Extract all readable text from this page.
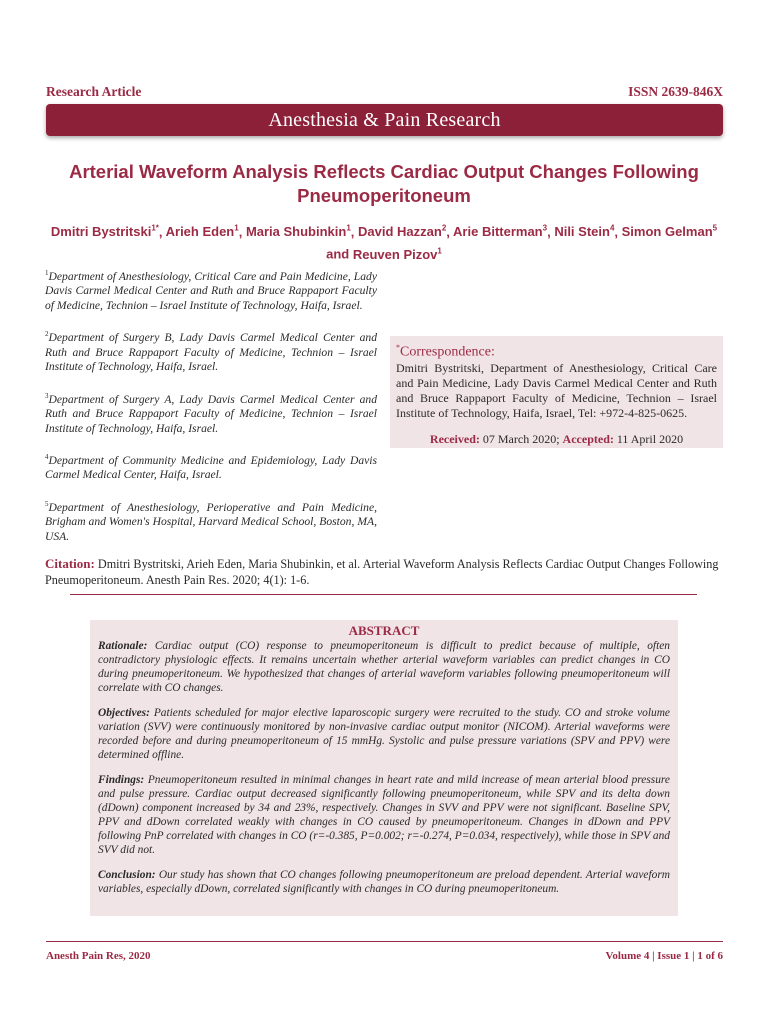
Research Article	ISSN 2639-846X
Anesthesia & Pain Research
Arterial Waveform Analysis Reflects Cardiac Output Changes Following
Pneumoperitoneum
Dmitri Bystritski$^{1*}$, Arieh Eden$^1$, Maria Shubinkin$^1$, David Hazzan$^2$, Arie Bitterman$^3$, Nili Stein$^4$, Simon Gelman$^5$ and Reuven Pizov$^1$

$^1$Department of Anesthesiology, Critical Care and Pain Medicine, Lady Davis Carmel Medical Center and Ruth and Bruce Rappaport Faculty of Medicine, Technion – Israel Institute of Technology, Haifa, Israel.

$^2$Department of Surgery B, Lady Davis Carmel Medical Center and Ruth and Bruce Rappaport Faculty of Medicine, Technion – Israel Institute of Technology, Haifa, Israel.

$^3$Department of Surgery A, Lady Davis Carmel Medical Center and Ruth and Bruce Rappaport Faculty of Medicine, Technion – Israel Institute of Technology, Haifa, Israel.

$^4$Department of Community Medicine and Epidemiology, Lady Davis Carmel Medical Center, Haifa, Israel.

$^5$Department of Anesthesiology, Perioperative and Pain Medicine, Brigham and Women's Hospital, Harvard Medical School, Boston, MA, USA.

*Correspondence:
Dmitri Bystritski, Department of Anesthesiology, Critical Care and Pain Medicine, Lady Davis Carmel Medical Center and Ruth and Bruce Rappaport Faculty of Medicine, Technion – Israel Institute of Technology, Haifa, Israel, Tel: +972-4-825-0625.
Received: 07 March 2020; Accepted: 11 April 2020
Citation: Dmitri Bystritski, Arieh Eden, Maria Shubinkin, et al. Arterial Waveform Analysis Reflects Cardiac Output Changes Following Pneumoperitoneum. Anesth Pain Res. 2020; 4(1): 1-6.
ABSTRACT

Rationale: Cardiac output (CO) response to pneumoperitoneum is difficult to predict because of multiple, often contradictory physiologic effects. It remains uncertain whether arterial waveform variables can predict changes in CO during pneumoperitoneum. We hypothesized that changes of arterial waveform variables following pneumoperitoneum will correlate with CO changes.

Objectives: Patients scheduled for major elective laparoscopic surgery were recruited to the study. CO and stroke volume variation (SVV) were continuously monitored by non-invasive cardiac output monitor (NICOM). Arterial waveforms were recorded before and during pneumoperitoneum of 15 mmHg. Systolic and pulse pressure variations (SPV and PPV) were determined offline.

Findings: Pneumoperitoneum resulted in minimal changes in heart rate and mild increase of mean arterial blood pressure and pulse pressure. Cardiac output decreased significantly following pneumoperitoneum, while SPV and its delta down (dDown) component increased by 34 and 23%, respectively. Changes in SVV and PPV were not significant. Baseline SPV, PPV and dDown correlated weakly with changes in CO caused by pneumoperitoneum. Changes in dDown and PPV following PnP correlated with changes in CO (r=-0.385, P=0.002; r=-0.274, P=0.034, respectively), while those in SPV and SVV did not.

Conclusion: Our study has shown that CO changes following pneumoperitoneum are preload dependent. Arterial waveform variables, especially dDown, correlated significantly with changes in CO during pneumoperitoneum.

Anesth Pain Res, 2020	Volume 4 | Issue 1 | 1 of 6
